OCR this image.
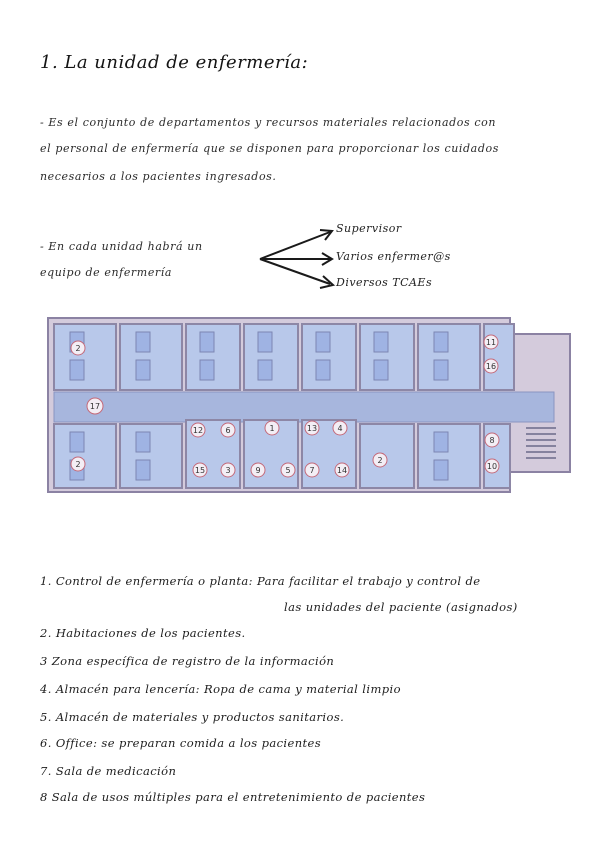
1. La unidad de enfermería:
- Es el conjunto de departamentos y recursos materiales relacionados con
el personal de enfermería que se disponen para proporcionar los cuidados
necesarios a los pacientes ingresados.
- En cada unidad habrá un
equipo de enfermería
Supervisor
Varios enfermer@s
Diversos TCAEs
2
11
16
17
2
12	6	1	13	4
15	3	9	5 7	14
2
8
10
1. Control de enfermería o planta: Para facilitar el trabajo y control de
las unidades del paciente (asignados)
2. Habitaciones de los pacientes.
3 Zona específica de registro de la información
4. Almacén para lencería: Ropa de cama y material limpio
5. Almacén de materiales y productos sanitarios.
6. Office: se preparan comida a los pacientes
7. Sala de medicación
8 Sala de usos múltiples para el entretenimiento de pacientes
